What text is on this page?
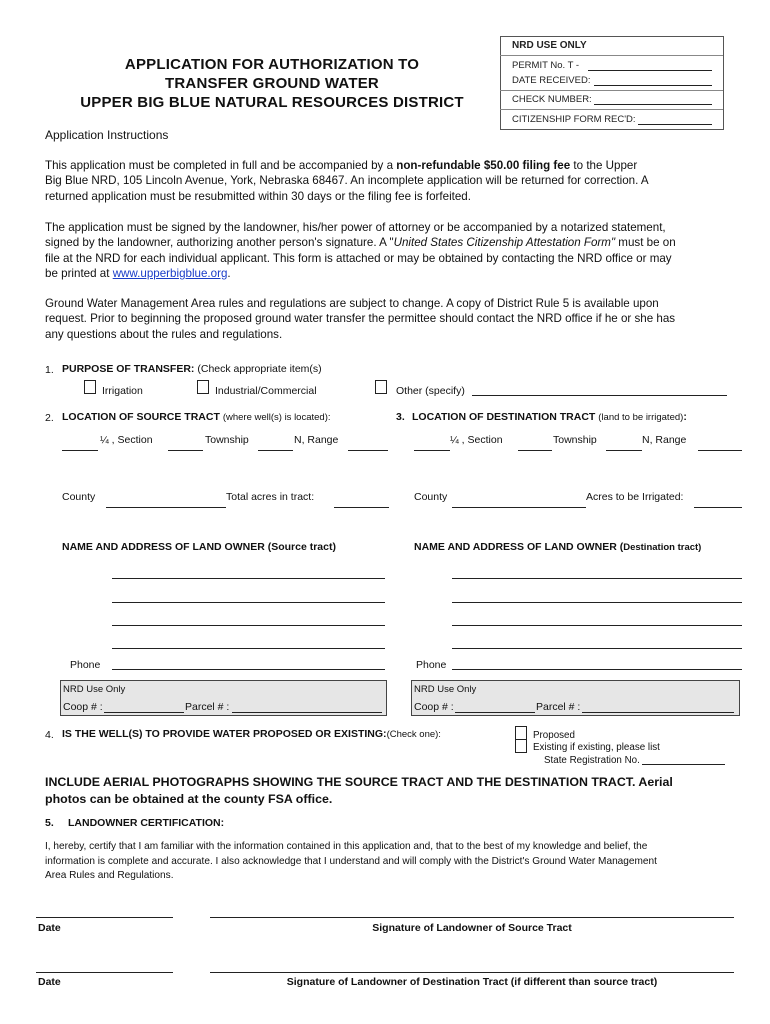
APPLICATION FOR AUTHORIZATION TO
TRANSFER GROUND WATER
UPPER BIG BLUE NATURAL RESOURCES DISTRICT
NRD USE ONLY
PERMIT No. T -
DATE RECEIVED:
CHECK NUMBER:
CITIZENSHIP FORM REC'D:
Application Instructions
This application must be completed in full and be accompanied by a non-refundable $50.00 filing fee to the Upper
Big Blue NRD, 105 Lincoln Avenue, York, Nebraska 68467. An incomplete application will be returned for correction. A
returned application must be resubmitted within 30 days or the filing fee is forfeited.
The application must be signed by the landowner, his/her power of attorney or be accompanied by a notarized statement,
signed by the landowner, authorizing another person's signature. A "United States Citizenship Attestation Form" must be on
file at the NRD for each individual applicant. This form is attached or may be obtained by contacting the NRD office or may
be printed at www.upperbigblue.org.
Ground Water Management Area rules and regulations are subject to change. A copy of District Rule 5 is available upon
request. Prior to beginning the proposed ground water transfer the permittee should contact the NRD office if he or she has
any questions about the rules and regulations.
1. PURPOSE OF TRANSFER: (Check appropriate item(s)
Irrigation	Industrial/Commercial	Other (specify)
2. LOCATION OF SOURCE TRACT (where well(s) is located):
¼ , Section	Township	N, Range
County	Total acres in tract:
3. LOCATION OF DESTINATION TRACT (land to be irrigated):
¼ , Section	Township	N, Range
County	Acres to be Irrigated:
NAME AND ADDRESS OF LAND OWNER (Source tract)	NAME AND ADDRESS OF LAND OWNER (Destination tract)
Phone	Phone
NRD Use Only
Coop # :	Parcel # :
NRD Use Only
Coop # :	Parcel # :
4. IS THE WELL(S) TO PROVIDE WATER PROPOSED OR EXISTING:(Check one):	Proposed
Existing if existing, please list
State Registration No.
INCLUDE AERIAL PHOTOGRAPHS SHOWING THE SOURCE TRACT AND THE DESTINATION TRACT. Aerial
photos can be obtained at the county FSA office.
5. LANDOWNER CERTIFICATION:
I, hereby, certify that I am familiar with the information contained in this application and, that to the best of my knowledge and belief, the
information is complete and accurate. I also acknowledge that I understand and will comply with the District's Ground Water Management
Area Rules and Regulations.
Date	Signature of Landowner of Source Tract
Date	Signature of Landowner of Destination Tract (if different than source tract)
